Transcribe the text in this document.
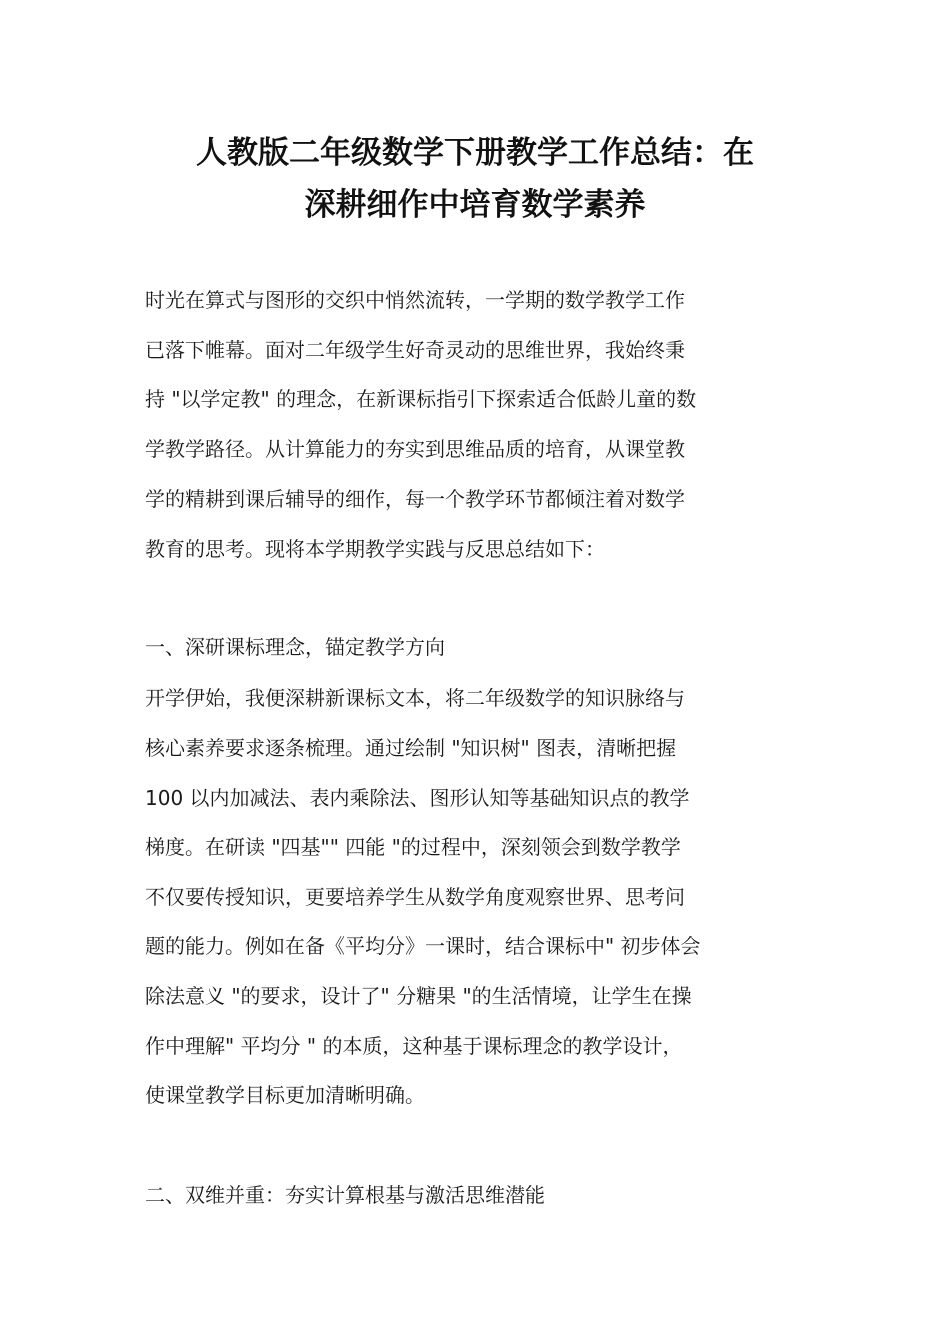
人教版二年级数学下册教学工作总结：在
深耕细作中培育数学素养

时光在算式与图形的交织中悄然流转，一学期的数学教学工作

已落下帷幕。面对二年级学生好奇灵动的思维世界，我始终秉

持 "以学定教" 的理念，在新课标指引下探索适合低龄儿童的数

学教学路径。从计算能力的夯实到思维品质的培育，从课堂教

学的精耕到课后辅导的细作，每一个教学环节都倾注着对数学

教育的思考。现将本学期教学实践与反思总结如下：

一、深研课标理念，锚定教学方向

开学伊始，我便深耕新课标文本，将二年级数学的知识脉络与

核心素养要求逐条梳理。通过绘制 "知识树" 图表，清晰把握

100 以内加减法、表内乘除法、图形认知等基础知识点的教学

梯度。在研读 "四基"" 四能 "的过程中，深刻领会到数学教学

不仅要传授知识，更要培养学生从数学角度观察世界、思考问

题的能力。例如在备《平均分》一课时，结合课标中" 初步体会

除法意义 "的要求，设计了" 分糖果 "的生活情境，让学生在操

作中理解" 平均分 " 的本质，这种基于课标理念的教学设计，

使课堂教学目标更加清晰明确。

二、双维并重：夯实计算根基与激活思维潜能
